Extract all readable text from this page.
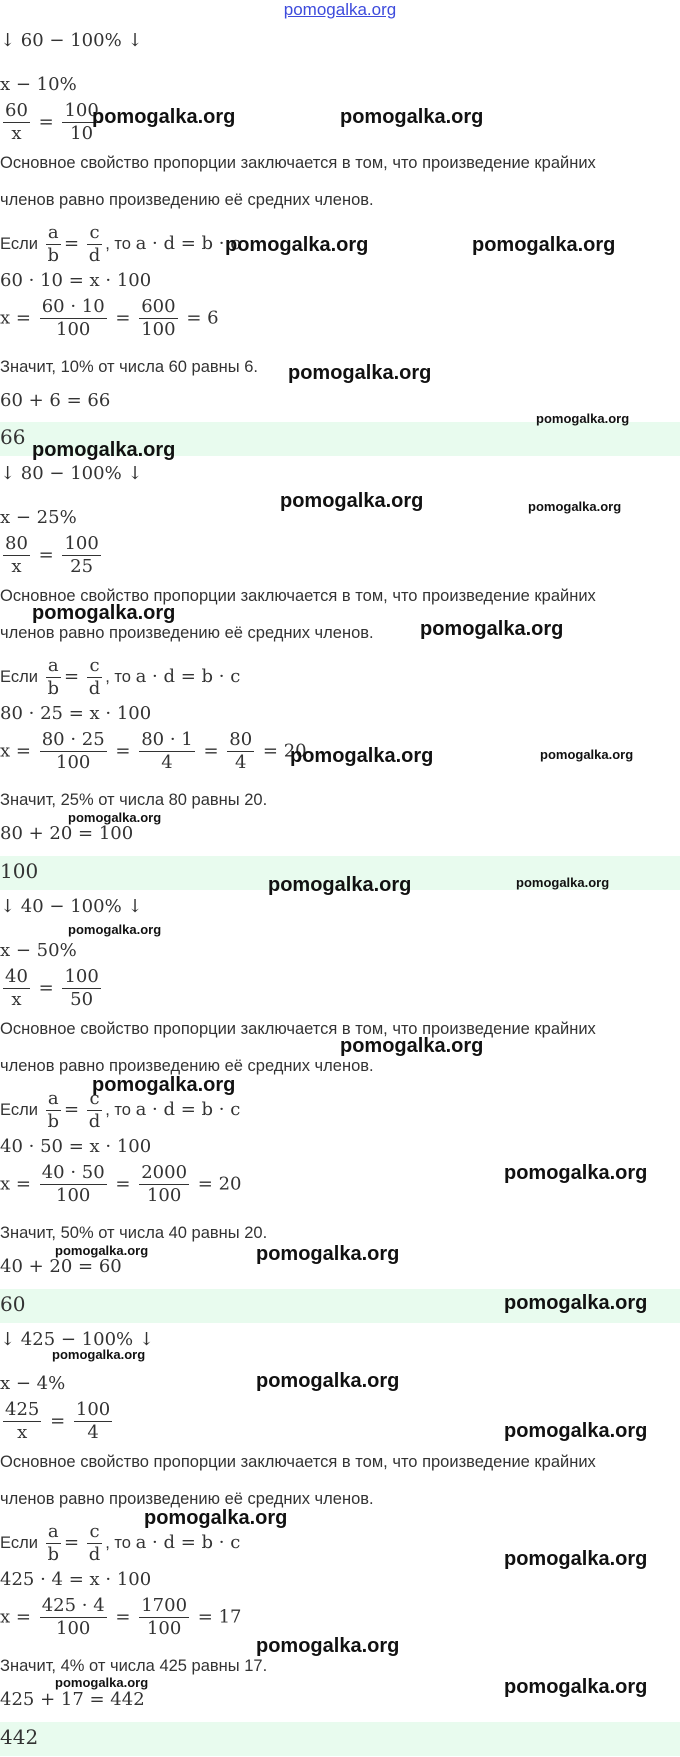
pomogalka.org
↓ 60 − 100% ↓
x − 10%
$\frac{60}{x} = \frac{100}{10}$
Основное свойство пропорции заключается в том, что произведение крайних
членов равно произведению её средних членов.
Если $\frac{a}{b} = \frac{c}{d}$ , то a · d = b · c
60 · 10 = x · 100
$x = \frac{60 \cdot 10}{100} = \frac{600}{100} = 6$
Значит, 10% от числа 60 равны 6.
60 + 6 = 66
66
↓ 80 − 100% ↓
x − 25%
$\frac{80}{x} = \frac{100}{25}$
Основное свойство пропорции заключается в том, что произведение крайних
членов равно произведению её средних членов.
Если $\frac{a}{b} = \frac{c}{d}$ , то a · d = b · c
80 · 25 = x · 100
$x = \frac{80 \cdot 25}{100} = \frac{80 \cdot 1}{4} = \frac{80}{4} = 20$
Значит, 25% от числа 80 равны 20.
80 + 20 = 100
100
↓ 40 − 100% ↓
x − 50%
$\frac{40}{x} = \frac{100}{50}$
Основное свойство пропорции заключается в том, что произведение крайних
членов равно произведению её средних членов.
Если $\frac{a}{b} = \frac{c}{d}$ , то a · d = b · c
40 · 50 = x · 100
$x = \frac{40 \cdot 50}{100} = \frac{2000}{100} = 20$
Значит, 50% от числа 40 равны 20.
40 + 20 = 60
60
↓ 425 − 100% ↓
x − 4%
$\frac{425}{x} = \frac{100}{4}$
Основное свойство пропорции заключается в том, что произведение крайних
членов равно произведению её средних членов.
Если $\frac{a}{b} = \frac{c}{d}$ , то a · d = b · c
425 · 4 = x · 100
$x = \frac{425 \cdot 4}{100} = \frac{1700}{100} = 17$
Значит, 4% от числа 425 равны 17.
425 + 17 = 442
442
pomogalka.org	pomogalka.org
pomogalka.org	pomogalka.org
pomogalka.org
pomogalka.org
pomogalka.org
pomogalka.org	pomogalka.org
pomogalka.org
pomogalka.org
pomogalka.org	pomogalka.org
pomogalka.org
pomogalka.org	pomogalka.org
pomogalka.org
pomogalka.org
pomogalka.org
pomogalka.org
pomogalka.org	pomogalka.org
pomogalka.org
pomogalka.org
pomogalka.org
pomogalka.org
pomogalka.org
pomogalka.org
pomogalka.org
pomogalka.org	pomogalka.org
